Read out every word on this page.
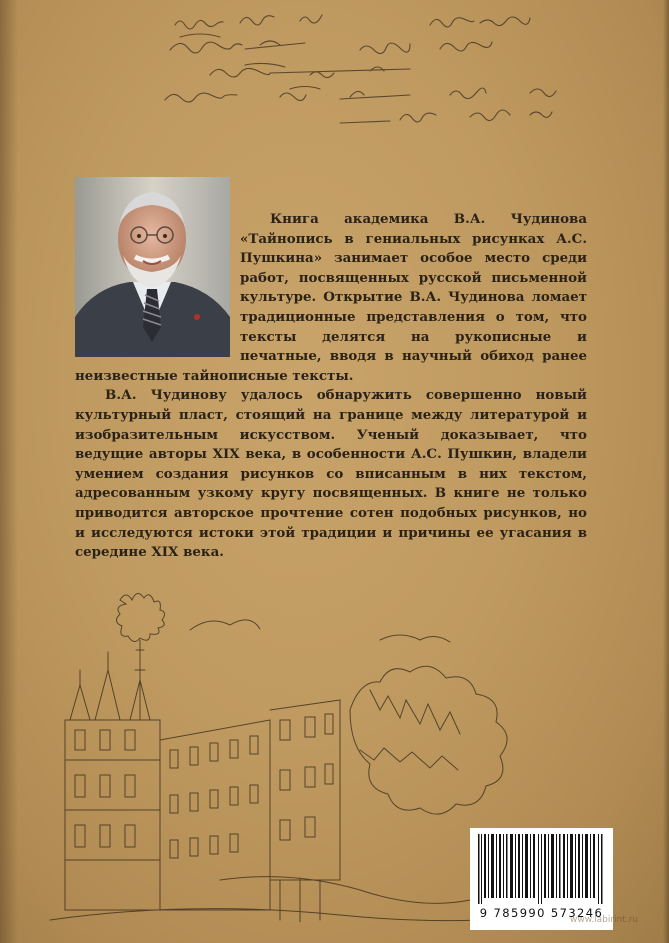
Книга академика В.А. Чудинова «Тайнопись в гениальных рисунках А.С. Пушкина» занимает особое место среди работ, посвященных русской письменной культуре. Открытие В.А. Чудинова ломает традиционные представления о том, что тексты делятся на рукописные и печатные, вводя в научный обиход ранее неизвестные тайнописные тексты.

В.А. Чудинову удалось обнаружить совершенно новый культурный пласт, стоящий на границе между литературой и изобразительным искусством. Ученый доказывает, что ведущие авторы XIX века, в особенности А.С. Пушкин, владели умением создания рисунков со вписанным в них текстом, адресованным узкому кругу посвященных. В книге не только приводится авторское прочтение сотен подобных рисунков, но и исследуются истоки этой традиции и причины ее угасания в середине XIX века.

9 785990 573246
www.labirint.ru
